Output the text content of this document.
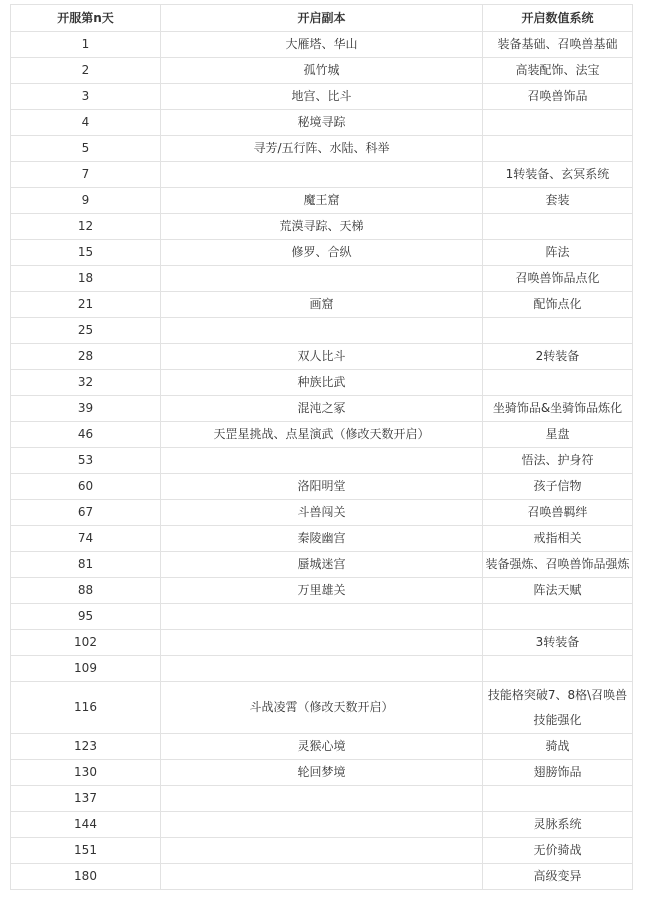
开服第n天	开启副本	开启数值系统
1	大雁塔、华山	装备基础、召唤兽基础
2	孤竹城	高装配饰、法宝
3	地宫、比斗	召唤兽饰品
4	秘境寻踪	
5	寻芳/五行阵、水陆、科举	
7		1转装备、玄冥系统
9	魔王窟	套装
12	荒漠寻踪、天梯	
15	修罗、合纵	阵法
18		召唤兽饰品点化
21	画窟	配饰点化
25		
28	双人比斗	2转装备
32	种族比武	
39	混沌之冢	坐骑饰品&坐骑饰品炼化
46	天罡星挑战、点星演武（修改天数开启）	星盘
53		悟法、护身符
60	洛阳明堂	孩子信物
67	斗兽闯关	召唤兽羁绊
74	秦陵幽宫	戒指相关
81	蜃城迷宫	装备强炼、召唤兽饰品强炼
88	万里雄关	阵法天赋
95		
102		3转装备
109		
116	斗战凌霄（修改天数开启）	技能格突破7、8格\召唤兽
技能强化

123	灵猴心境	骑战
130	轮回梦境	翅膀饰品
137		
144		灵脉系统
151		无价骑战
180		高级变异
